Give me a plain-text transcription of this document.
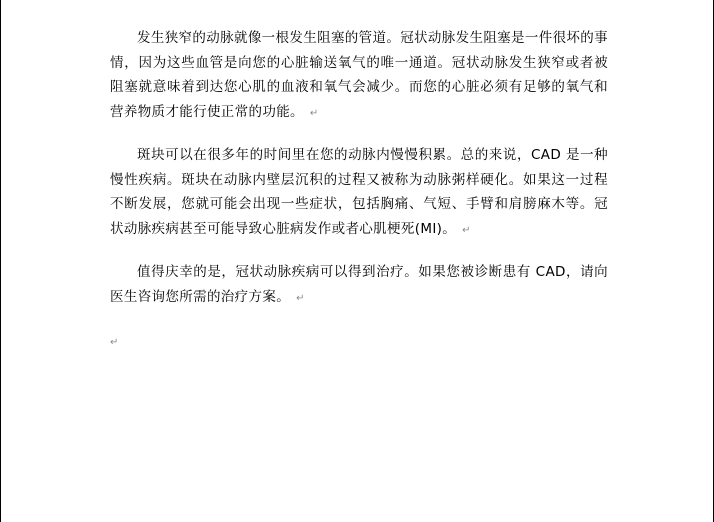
发生狭窄的动脉就像一根发生阻塞的管道。冠状动脉发生阻塞是一件很坏的事情，因为这些血管是向您的心脏输送氧气的唯一通道。冠状动脉发生狭窄或者被阻塞就意味着到达您心肌的血液和氧气会减少。而您的心脏必须有足够的氧气和营养物质才能行使正常的功能。 ↵

斑块可以在很多年的时间里在您的动脉内慢慢积累。总的来说，CAD 是一种慢性疾病。斑块在动脉内壁层沉积的过程又被称为动脉粥样硬化。如果这一过程不断发展，您就可能会出现一些症状，包括胸痛、气短、手臂和肩膀麻木等。冠状动脉疾病甚至可能导致心脏病发作或者心肌梗死(MI)。 ↵

值得庆幸的是，冠状动脉疾病可以得到治疗。如果您被诊断患有 CAD，请向医生咨询您所需的治疗方案。 ↵

↵
